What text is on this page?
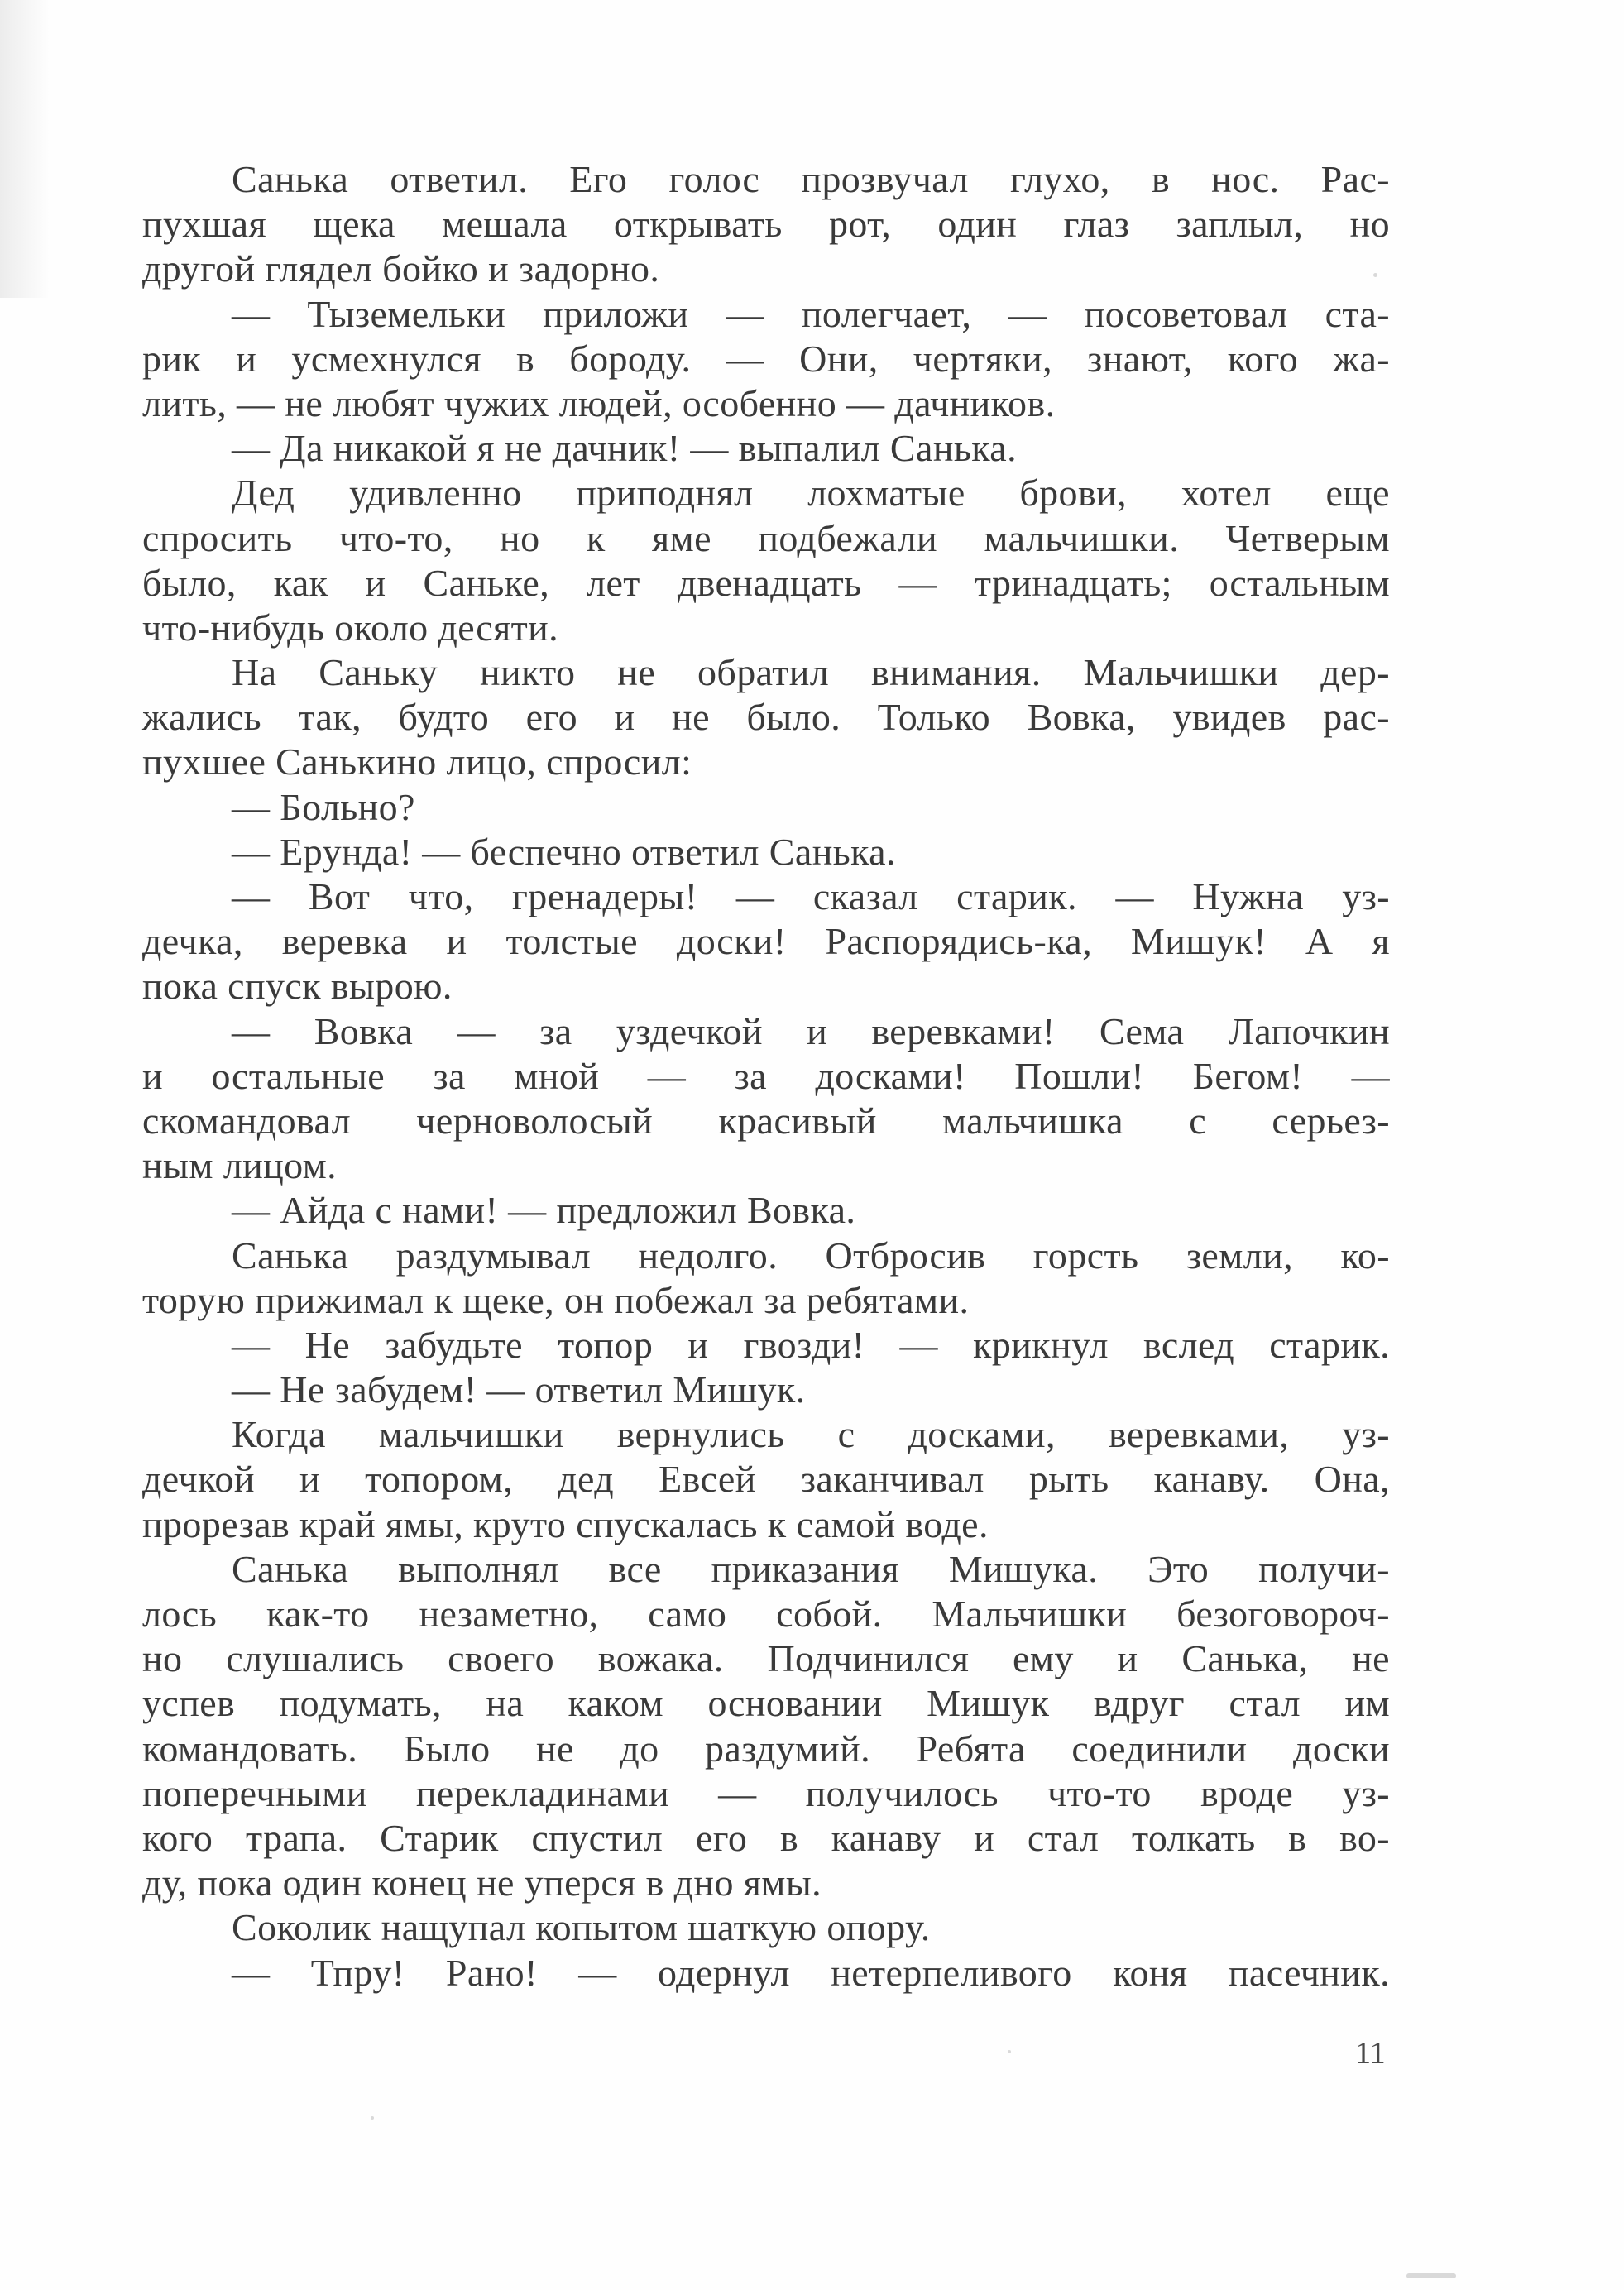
Санька ответил. Его голос прозвучал глухо, в нос. Рас-
пухшая щека мешала открывать рот, один глаз заплыл, но
другой глядел бойко и задорно.
— Тыземельки приложи — полегчает, — посоветовал ста-
рик и усмехнулся в бороду. — Они, чертяки, знают, кого жа-
лить, — не любят чужих людей, особенно — дачников.
— Да никакой я не дачник! — выпалил Санька.
Дед удивленно приподнял лохматые брови, хотел еще
спросить что-то, но к яме подбежали мальчишки. Четверым
было, как и Саньке, лет двенадцать — тринадцать; остальным
что-нибудь около десяти.
На Саньку никто не обратил внимания. Мальчишки дер-
жались так, будто его и не было. Только Вовка, увидев рас-
пухшее Санькино лицо, спросил:
— Больно?
— Ерунда! — беспечно ответил Санька.
— Вот что, гренадеры! — сказал старик. — Нужна уз-
дечка, веревка и толстые доски! Распорядись-ка, Мишук! А я
пока спуск вырою.
— Вовка — за уздечкой и веревками! Сема Лапочкин
и остальные за мной — за досками! Пошли! Бегом! —
скомандовал черноволосый красивый мальчишка с серьез-
ным лицом.
— Айда с нами! — предложил Вовка.
Санька раздумывал недолго. Отбросив горсть земли, ко-
торую прижимал к щеке, он побежал за ребятами.
— Не забудьте топор и гвозди! — крикнул вслед старик.
— Не забудем! — ответил Мишук.
Когда мальчишки вернулись с досками, веревками, уз-
дечкой и топором, дед Евсей заканчивал рыть канаву. Она,
прорезав край ямы, круто спускалась к самой воде.
Санька выполнял все приказания Мишука. Это получи-
лось как-то незаметно, само собой. Мальчишки безоговороч-
но слушались своего вожака. Подчинился ему и Санька, не
успев подумать, на каком основании Мишук вдруг стал им
командовать. Было не до раздумий. Ребята соединили доски
поперечными перекладинами — получилось что-то вроде уз-
кого трапа. Старик спустил его в канаву и стал толкать в во-
ду, пока один конец не уперся в дно ямы.
Соколик нащупал копытом шаткую опору.
— Тпру! Рано! — одернул нетерпеливого коня пасечник.
11
